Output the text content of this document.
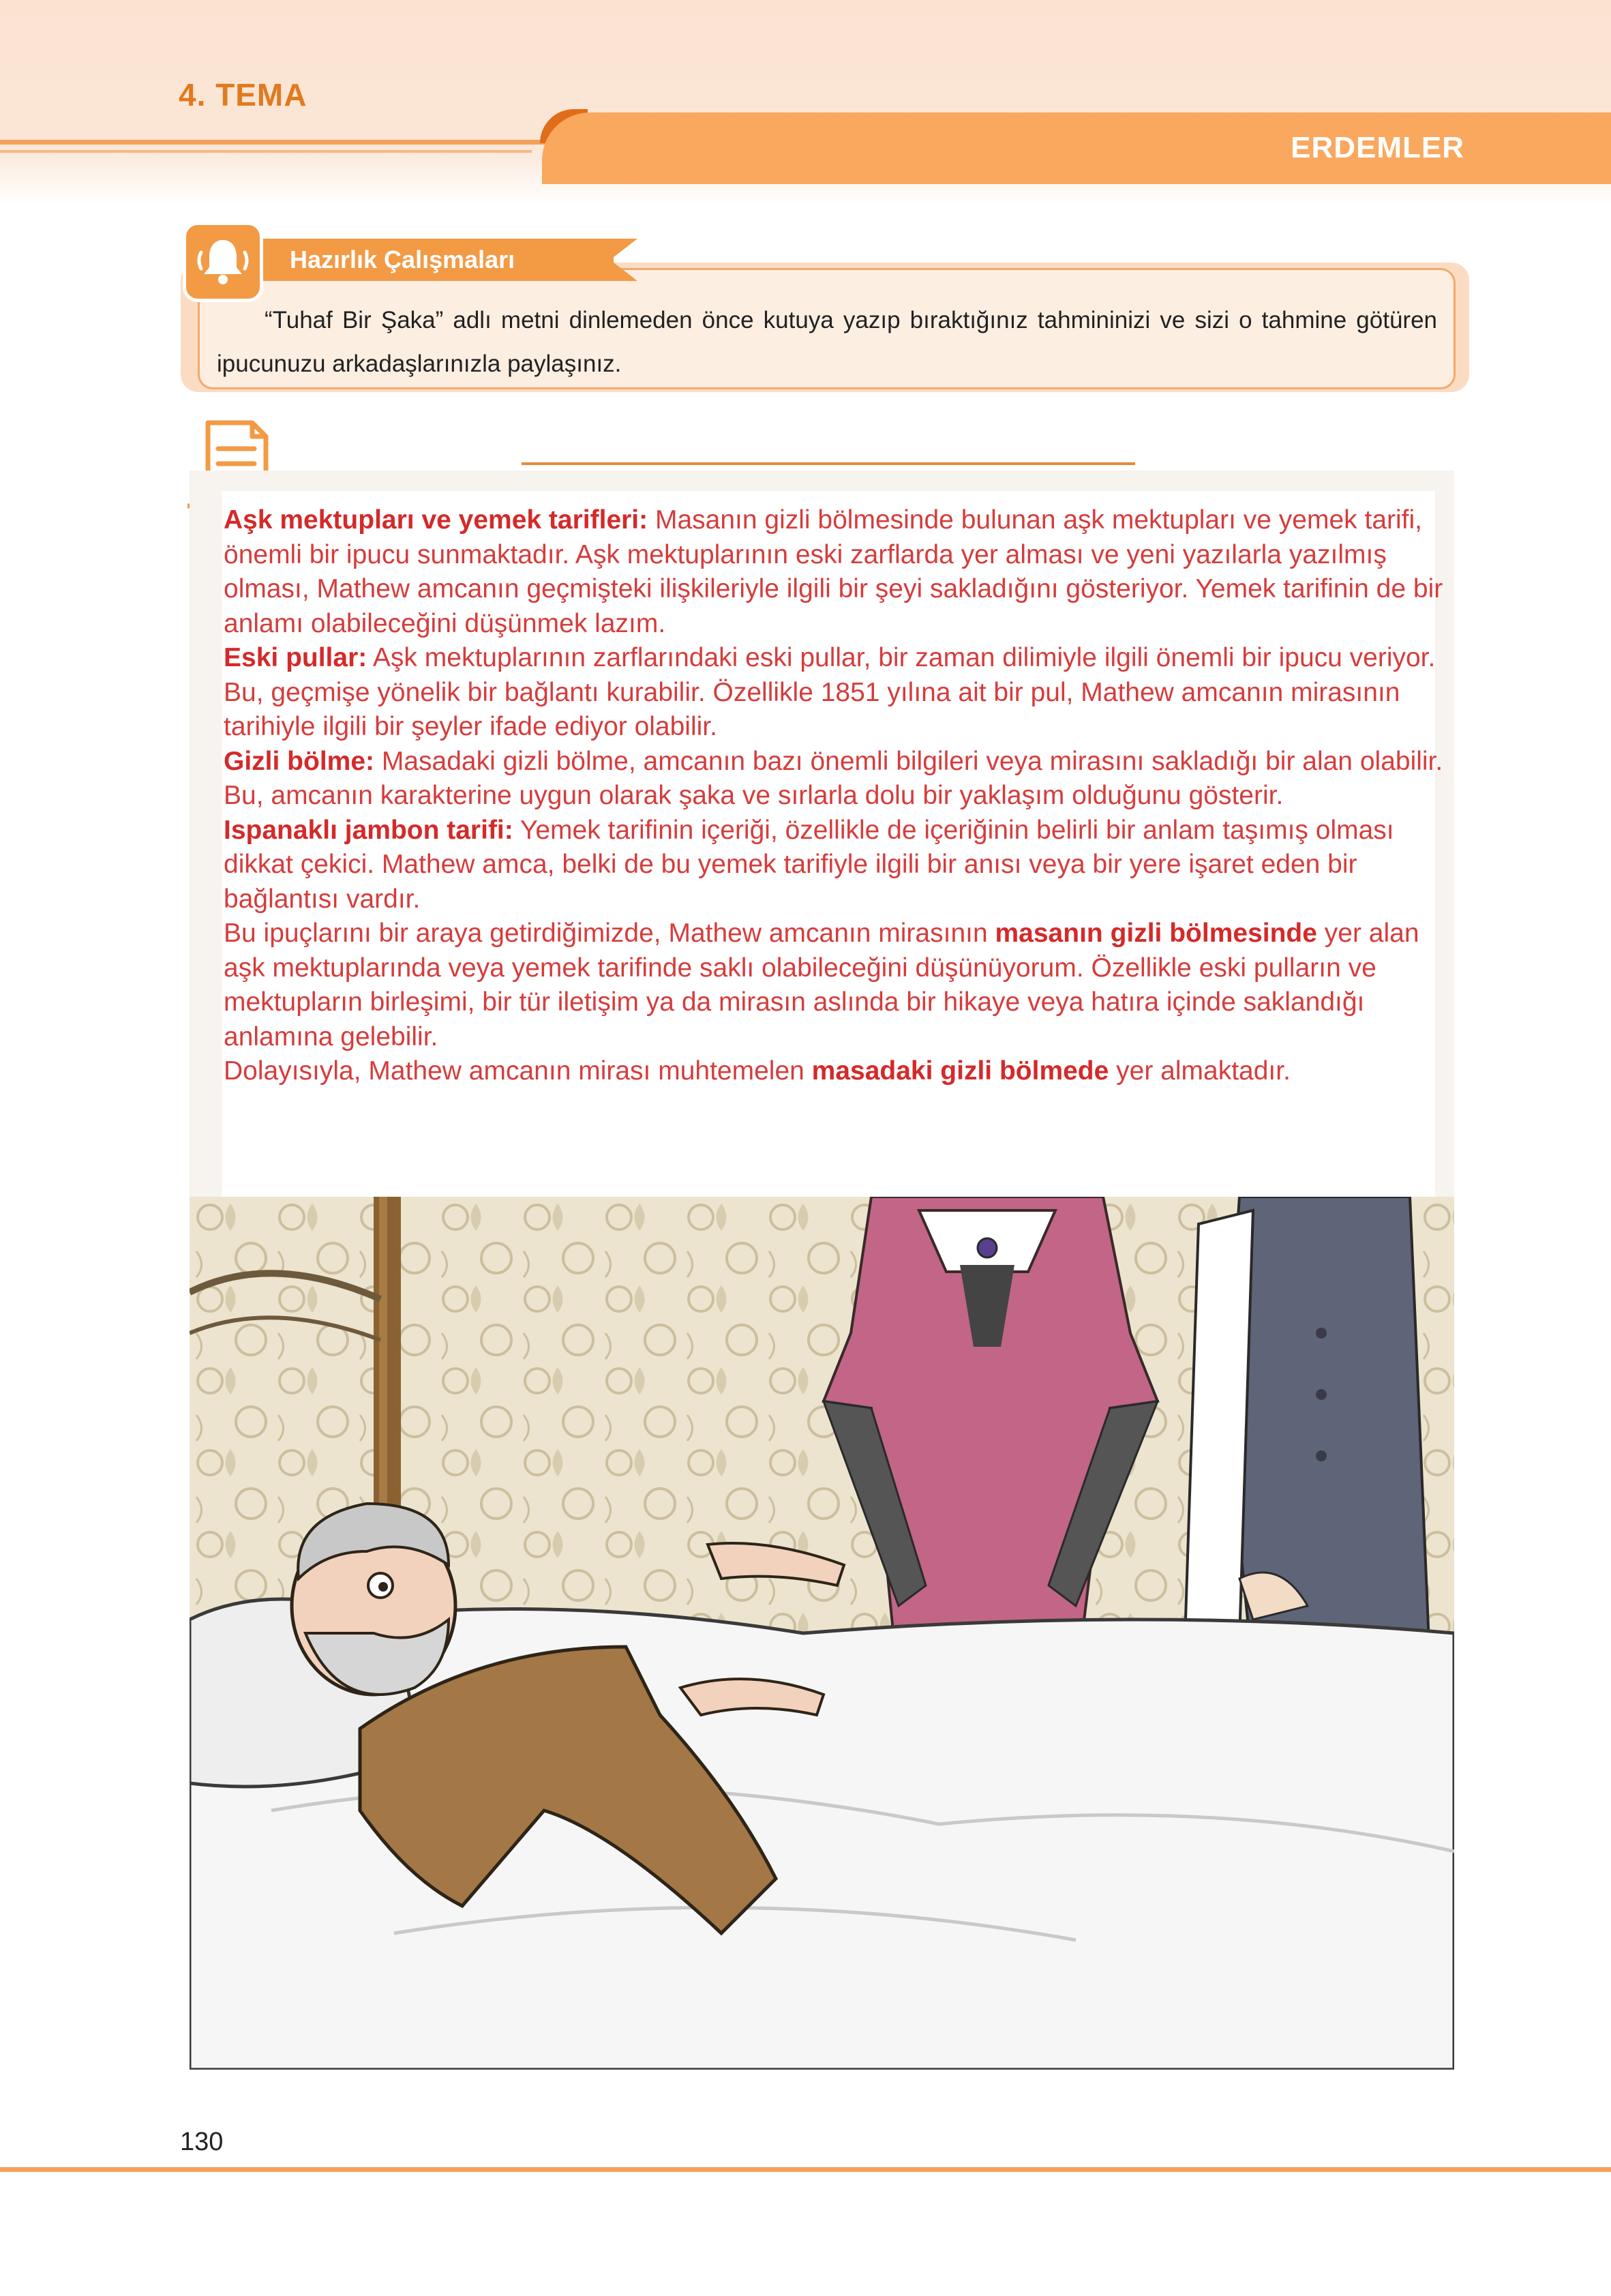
4. TEMA
ERDEMLER
Hazırlık Çalışmaları
“Tuhaf Bir Şaka” adlı metni dinlemeden önce kutuya yazıp bıraktığınız tahmininizi ve sizi o tahmine götüren ipucunuzu arkadaşlarınızla paylaşınız.

Aşk mektupları ve yemek tarifleri: Masanın gizli bölmesinde bulunan aşk mektupları ve yemek tarifi, önemli bir ipucu sunmaktadır. Aşk mektuplarının eski zarflarda yer alması ve yeni yazılarla yazılmış olması, Mathew amcanın geçmişteki ilişkileriyle ilgili bir şeyi sakladığını gösteriyor. Yemek tarifinin de bir anlamı olabileceğini düşünmek lazım.

Eski pullar: Aşk mektuplarının zarflarındaki eski pullar, bir zaman dilimiyle ilgili önemli bir ipucu veriyor. Bu, geçmişe yönelik bir bağlantı kurabilir. Özellikle 1851 yılına ait bir pul, Mathew amcanın mirasının tarihiyle ilgili bir şeyler ifade ediyor olabilir.

Gizli bölme: Masadaki gizli bölme, amcanın bazı önemli bilgileri veya mirasını sakladığı bir alan olabilir. Bu, amcanın karakterine uygun olarak şaka ve sırlarla dolu bir yaklaşım olduğunu gösterir.

Ispanaklı jambon tarifi: Yemek tarifinin içeriği, özellikle de içeriğinin belirli bir anlam taşımış olması dikkat çekici. Mathew amca, belki de bu yemek tarifiyle ilgili bir anısı veya bir yere işaret eden bir bağlantısı vardır.

Bu ipuçlarını bir araya getirdiğimizde, Mathew amcanın mirasının masanın gizli bölmesinde yer alan aşk mektuplarında veya yemek tarifinde saklı olabileceğini düşünüyorum. Özellikle eski pulların ve mektupların birleşimi, bir tür iletişim ya da mirasın aslında bir hikaye veya hatıra içinde saklandığı anlamına gelebilir.

Dolayısıyla, Mathew amcanın mirası muhtemelen masadaki gizli bölmede yer almaktadır.

130
